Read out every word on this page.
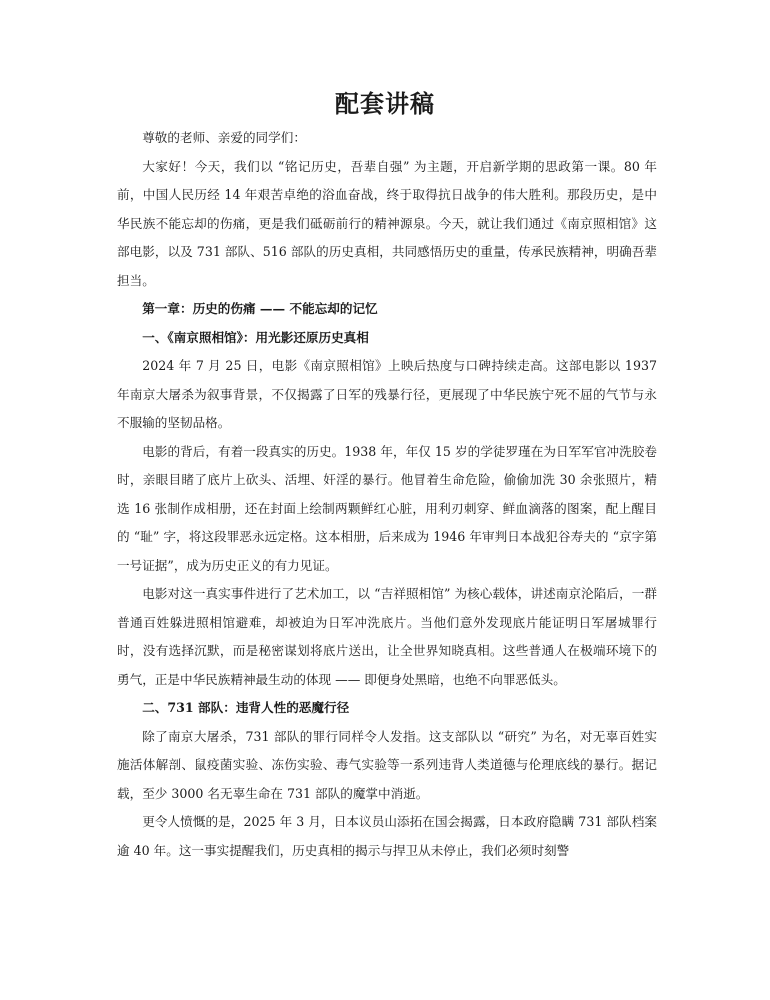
配套讲稿

尊敬的老师、亲爱的同学们：

大家好！今天，我们以 “铭记历史，吾辈自强” 为主题，开启新学期的思政第一课。80 年前，中国人民历经 14 年艰苦卓绝的浴血奋战，终于取得抗日战争的伟大胜利。那段历史，是中华民族不能忘却的伤痛，更是我们砥砺前行的精神源泉。今天，就让我们通过《南京照相馆》这部电影，以及 731 部队、516 部队的历史真相，共同感悟历史的重量，传承民族精神，明确吾辈担当。

第一章：历史的伤痛 —— 不能忘却的记忆
一、《南京照相馆》：用光影还原历史真相

2024 年 7 月 25 日，电影《南京照相馆》上映后热度与口碑持续走高。这部电影以 1937 年南京大屠杀为叙事背景，不仅揭露了日军的残暴行径，更展现了中华民族宁死不屈的气节与永不服输的坚韧品格。

电影的背后，有着一段真实的历史。1938 年，年仅 15 岁的学徒罗瑾在为日军军官冲洗胶卷时，亲眼目睹了底片上砍头、活埋、奸淫的暴行。他冒着生命危险，偷偷加洗 30 余张照片，精选 16 张制作成相册，还在封面上绘制两颗鲜红心脏，用利刃刺穿、鲜血滴落的图案，配上醒目的 “耻” 字，将这段罪恶永远定格。这本相册，后来成为 1946 年审判日本战犯谷寿夫的 “京字第一号证据”，成为历史正义的有力见证。

电影对这一真实事件进行了艺术加工，以 “吉祥照相馆” 为核心载体，讲述南京沦陷后，一群普通百姓躲进照相馆避难，却被迫为日军冲洗底片。当他们意外发现底片能证明日军屠城罪行时，没有选择沉默，而是秘密谋划将底片送出，让全世界知晓真相。这些普通人在极端环境下的勇气，正是中华民族精神最生动的体现 —— 即便身处黑暗，也绝不向罪恶低头。

二、731 部队：违背人性的恶魔行径

除了南京大屠杀，731 部队的罪行同样令人发指。这支部队以 “研究” 为名，对无辜百姓实施活体解剖、鼠疫菌实验、冻伤实验、毒气实验等一系列违背人类道德与伦理底线的暴行。据记载，至少 3000 名无辜生命在 731 部队的魔掌中消逝。

更令人愤慨的是，2025 年 3 月，日本议员山添拓在国会揭露，日本政府隐瞒 731 部队档案逾 40 年。这一事实提醒我们，历史真相的揭示与捍卫从未停止，我们必须时刻警
